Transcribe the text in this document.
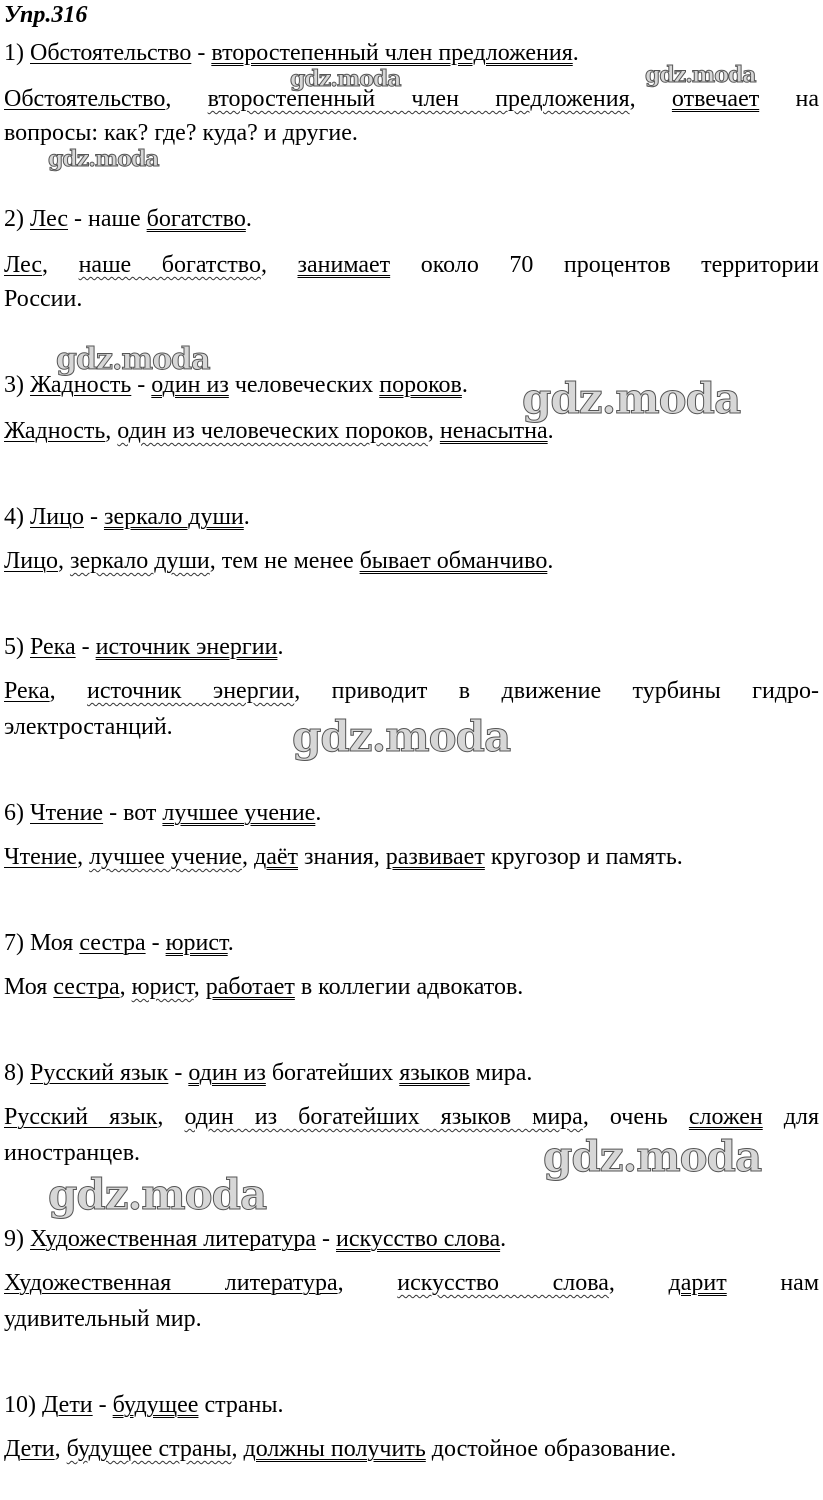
Упр.316
1) Обстоятельство - второстепенный член предложения.
Обстоятельство, второстепенный член предложения, отвечает на
вопросы: как? где? куда? и другие.
2) Лес - наше богатство.
Лес, наше богатство, занимает около 70 процентов территории
России.
3) Жадность - один из человеческих пороков.
Жадность, один из человеческих пороков, ненасытна.
4) Лицо - зеркало души.
Лицо, зеркало души, тем не менее бывает обманчиво.
5) Река - источник энергии.
Река, источник энергии, приводит в движение турбины гидро-
электростанций.
6) Чтение - вот лучшее учение.
Чтение, лучшее учение, даёт знания, развивает кругозор и память.
7) Моя сестра - юрист.
Моя сестра, юрист, работает в коллегии адвокатов.
8) Русский язык - один из богатейших языков мира.
Русский язык, один из богатейших языков мира, очень сложен для
иностранцев.
9) Художественная литература - искусство слова.
Художественная литература, искусство слова, дарит нам
удивительный мир.
10) Дети - будущее страны.
Дети, будущее страны, должны получить достойное образование.
gdz.moda	gdz.moda
gdz.moda
gdz.moda
gdz.moda
gdz.moda
gdz.moda
gdz.moda
